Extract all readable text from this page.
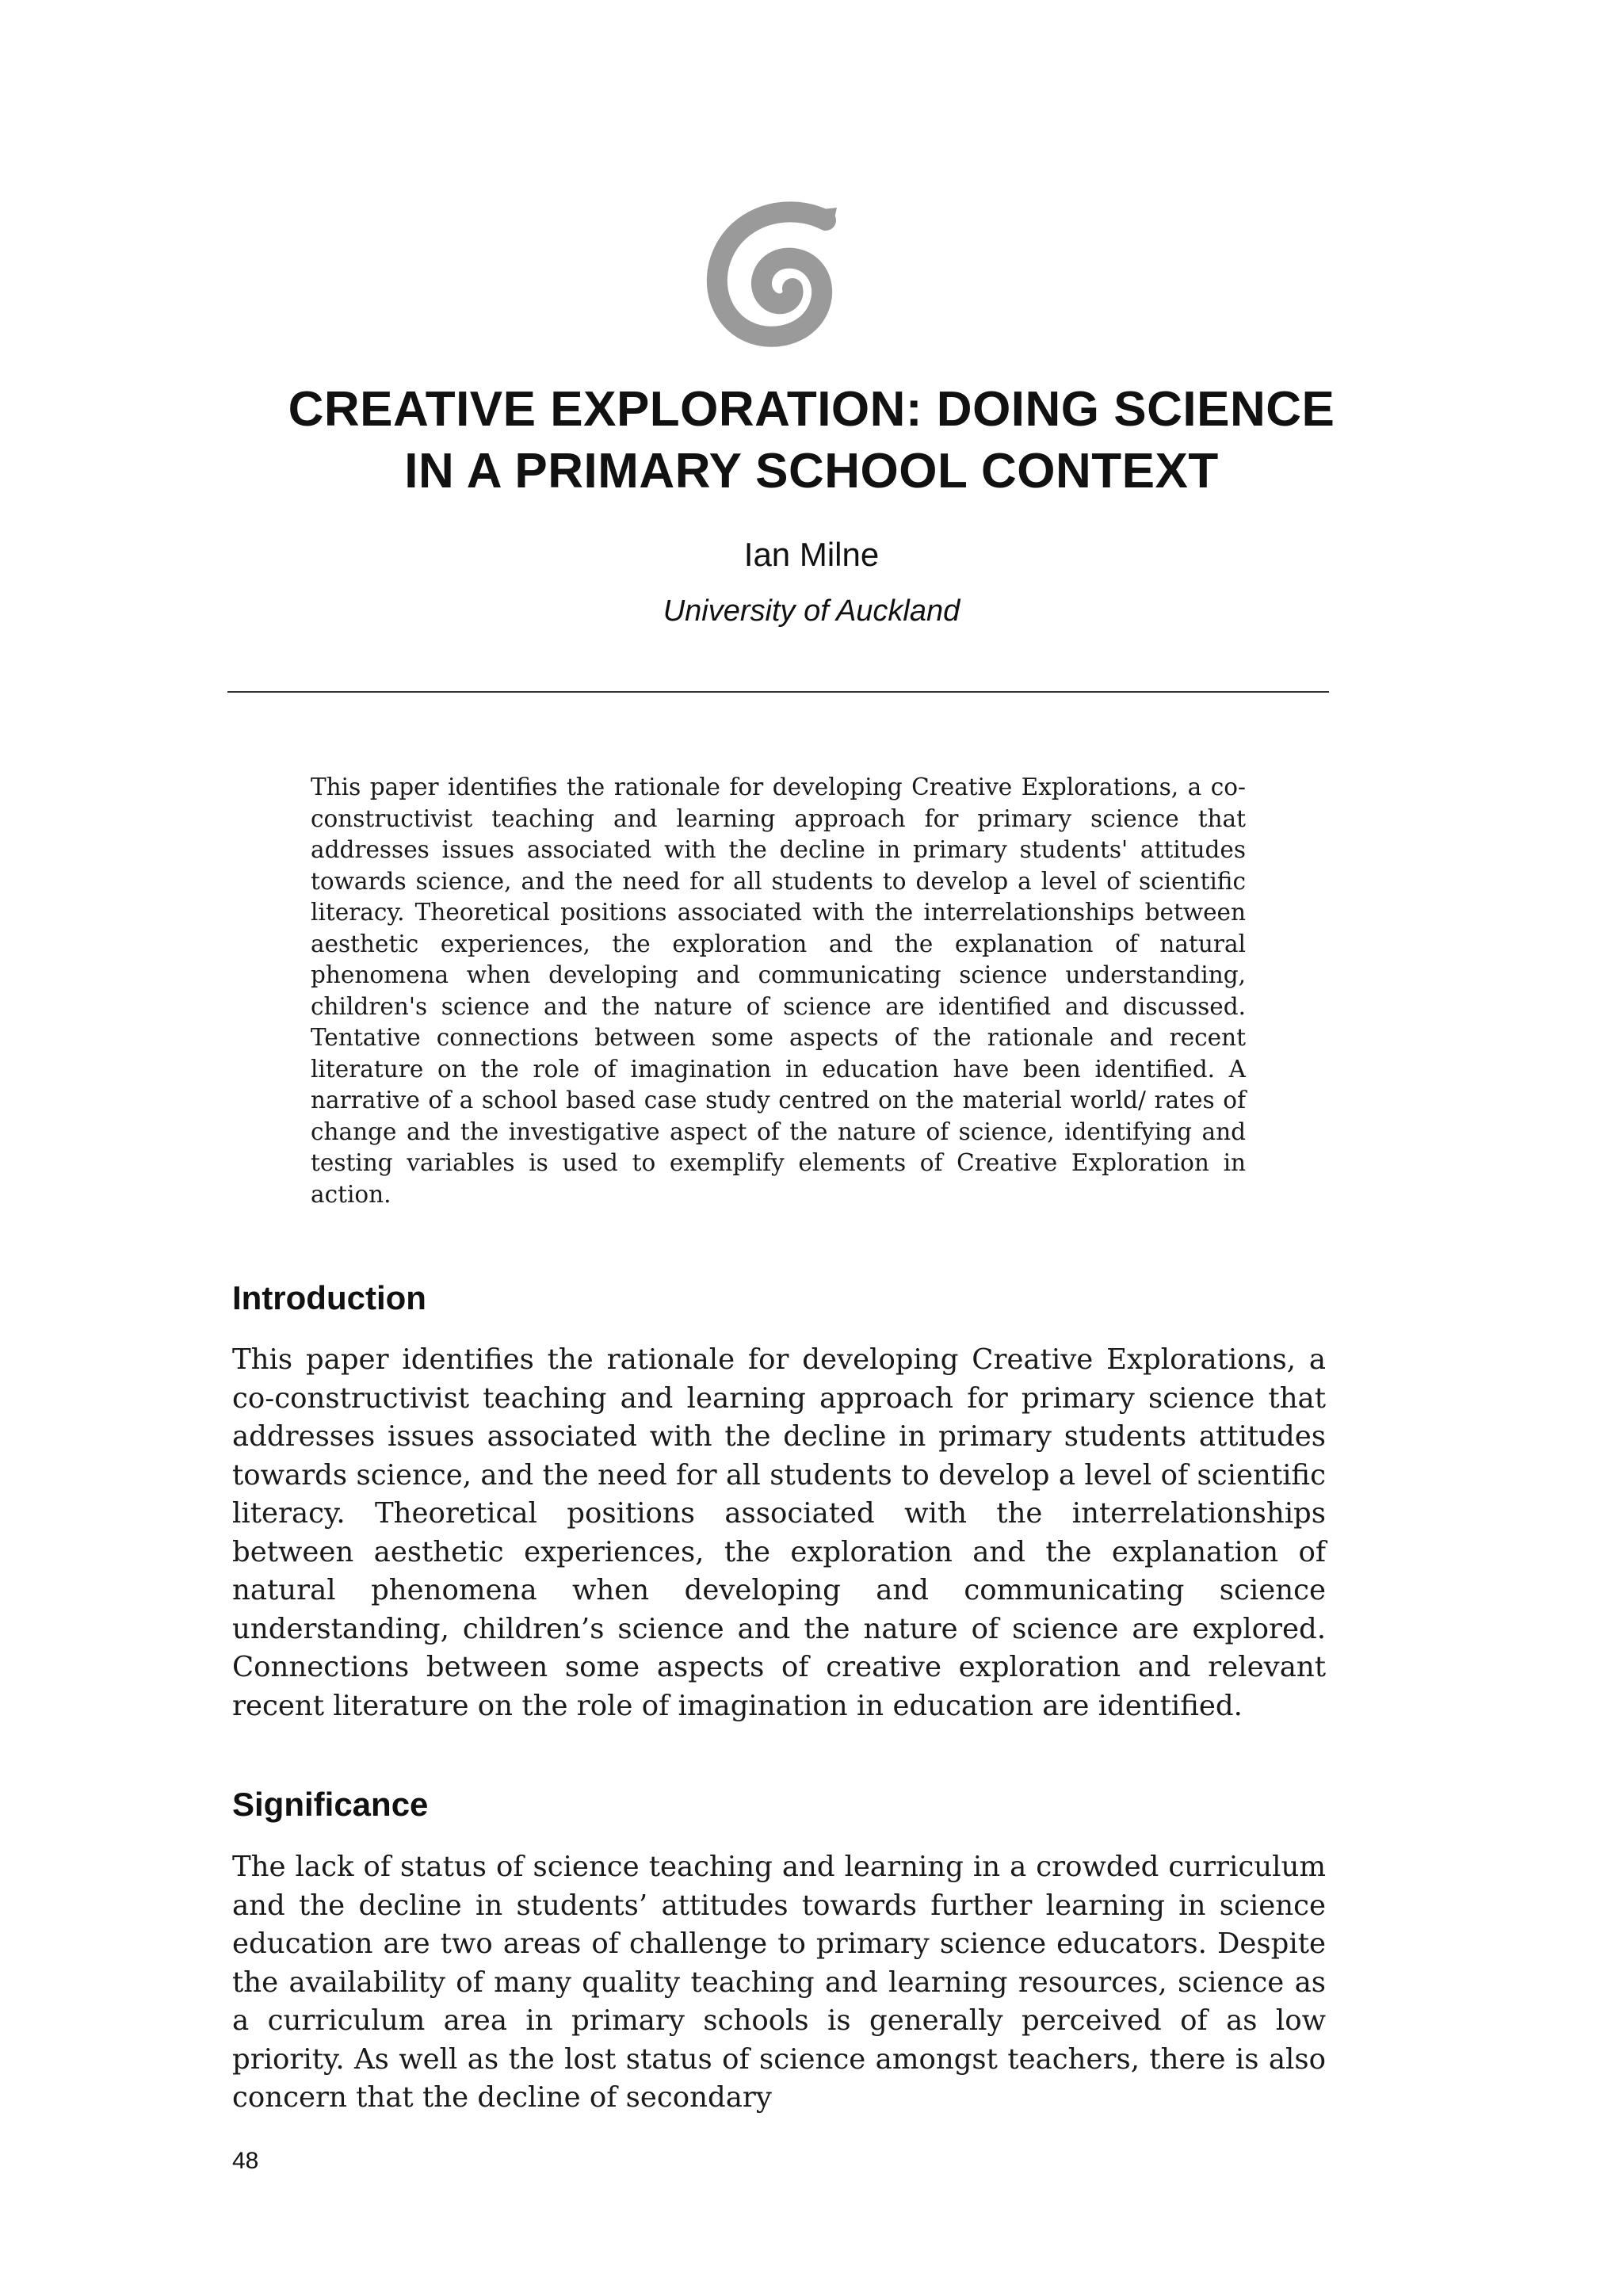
CREATIVE EXPLORATION: DOING SCIENCE
IN A PRIMARY SCHOOL CONTEXT
Ian Milne
University of Auckland
This paper identifies the rationale for developing Creative Explorations, a co-constructivist teaching and learning approach for primary science that addresses issues associated with the decline in primary students' attitudes towards science, and the need for all students to develop a level of scientific literacy. Theoretical positions associated with the interrelationships between aesthetic experiences, the exploration and the explanation of natural phenomena when developing and communicating science understanding, children's science and the nature of science are identified and discussed. Tentative connections between some aspects of the rationale and recent literature on the role of imagination in education have been identified. A narrative of a school based case study centred on the material world/ rates of change and the investigative aspect of the nature of science, identifying and testing variables is used to exemplify elements of Creative Exploration in action.
Introduction
This paper identifies the rationale for developing Creative Explorations, a co-constructivist teaching and learning approach for primary science that addresses issues associated with the decline in primary students attitudes towards science, and the need for all students to develop a level of scientific literacy. Theoretical positions associated with the interrelationships between aesthetic experiences, the exploration and the explanation of natural phenomena when developing and communicating science understanding, children’s science and the nature of science are explored. Connections between some aspects of creative exploration and relevant recent literature on the role of imagination in education are identified.
Significance
The lack of status of science teaching and learning in a crowded curriculum and the decline in students’ attitudes towards further learning in science education are two areas of challenge to primary science educators. Despite the availability of many quality teaching and learning resources, science as a curriculum area in primary schools is generally perceived of as low priority. As well as the lost status of science amongst teachers, there is also concern that the decline of secondary
48
